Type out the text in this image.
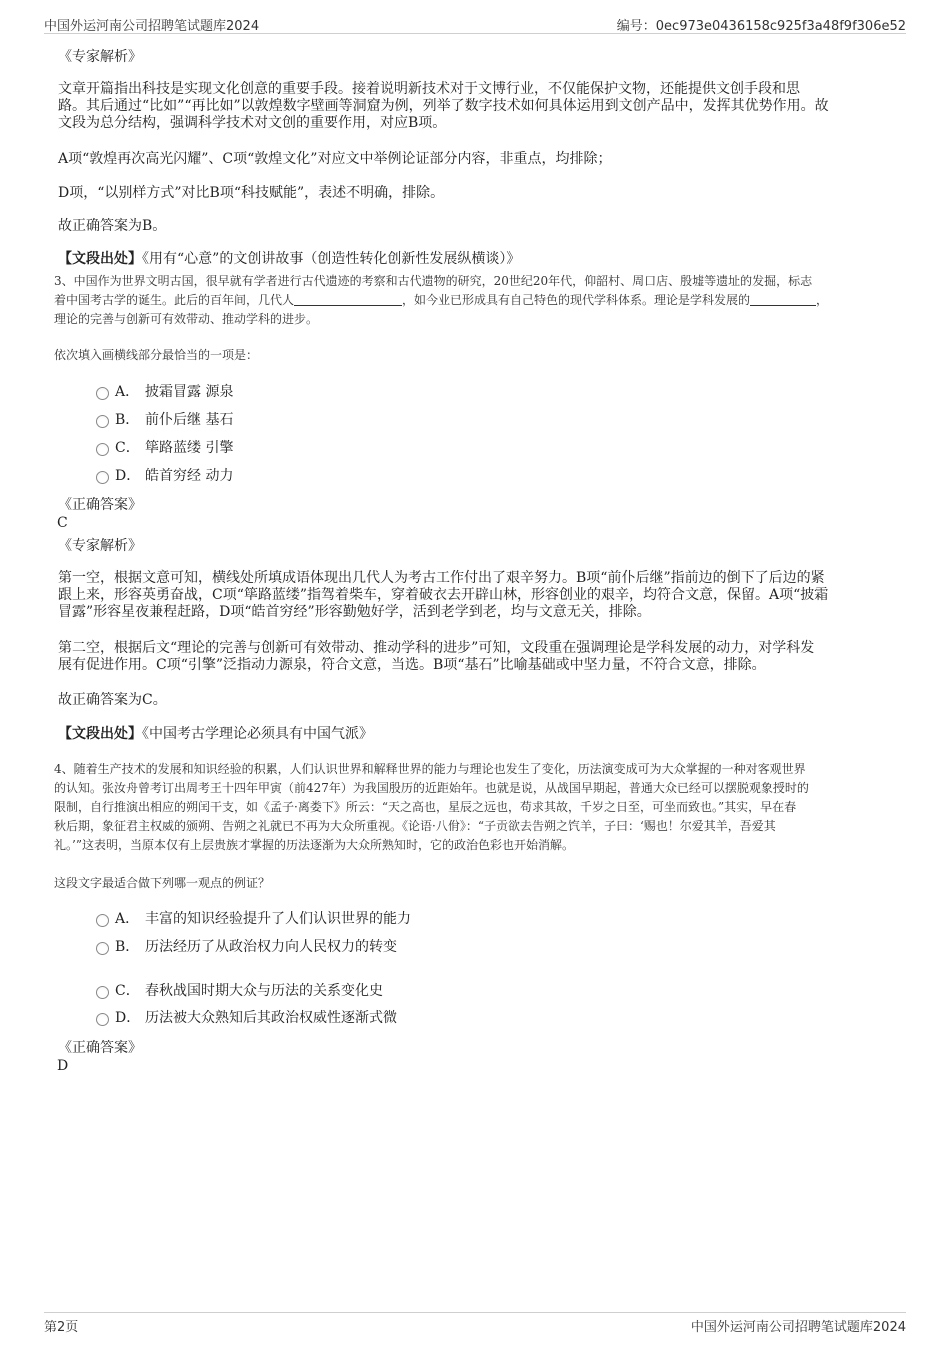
中国外运河南公司招聘笔试题库2024	编号：0ec973e0436158c925f3a48f9f306e52
《专家解析》
文章开篇指出科技是实现文化创意的重要手段。接着说明新技术对于文博行业，不仅能保护文物，还能提供文创手段和思
路。其后通过“比如”“再比如”以敦煌数字壁画等洞窟为例，列举了数字技术如何具体运用到文创产品中，发挥其优势作用。故
文段为总分结构，强调科学技术对文创的重要作用，对应B项。
A项“敦煌再次高光闪耀”、C项“敦煌文化”对应文中举例论证部分内容，非重点，均排除；
D项，“以别样方式”对比B项“科技赋能”，表述不明确，排除。
故正确答案为B。
【文段出处】《用有“心意”的文创讲故事（创造性转化创新性发展纵横谈）》
3、中国作为世界文明古国，很早就有学者进行古代遗迹的考察和古代遗物的研究，20世纪20年代，仰韶村、周口店、殷墟等遗址的发掘，标志
着中国考古学的诞生。此后的百年间，几代人	，如今业已形成具有自己特色的现代学科体系。理论是学科发展的	，
理论的完善与创新可有效带动、推动学科的进步。
依次填入画横线部分最恰当的一项是：
A． 披霜冒露 源泉
B． 前仆后继 基石
C． 筚路蓝缕 引擎
D． 皓首穷经 动力
《正确答案》
C
《专家解析》
第一空，根据文意可知，横线处所填成语体现出几代人为考古工作付出了艰辛努力。B项“前仆后继”指前边的倒下了后边的紧
跟上来，形容英勇奋战，C项“筚路蓝缕”指驾着柴车，穿着破衣去开辟山林，形容创业的艰辛，均符合文意，保留。A项“披霜
冒露”形容星夜兼程赶路，D项“皓首穷经”形容勤勉好学，活到老学到老，均与文意无关，排除。
第二空，根据后文“理论的完善与创新可有效带动、推动学科的进步”可知，文段重在强调理论是学科发展的动力，对学科发
展有促进作用。C项“引擎”泛指动力源泉，符合文意，当选。B项“基石”比喻基础或中坚力量，不符合文意，排除。
故正确答案为C。
【文段出处】《中国考古学理论必须具有中国气派》
4、随着生产技术的发展和知识经验的积累，人们认识世界和解释世界的能力与理论也发生了变化，历法演变成可为大众掌握的一种对客观世界
的认知。张汝舟曾考订出周考王十四年甲寅（前427年）为我国殷历的近距始年。也就是说，从战国早期起，普通大众已经可以摆脱观象授时的
限制，自行推演出相应的朔闰干支，如《孟子·离娄下》所云：“天之高也，星辰之远也，苟求其故，千岁之日至，可坐而致也。”其实，早在春
秋后期，象征君主权威的颁朔、告朔之礼就已不再为大众所重视。《论语·八佾》：“子贡欲去告朔之饩羊，子曰：‘赐也！尔爱其羊，吾爱其
礼。’”这表明，当原本仅有上层贵族才掌握的历法逐渐为大众所熟知时，它的政治色彩也开始消解。
这段文字最适合做下列哪一观点的例证？
A． 丰富的知识经验提升了人们认识世界的能力
B． 历法经历了从政治权力向人民权力的转变
C． 春秋战国时期大众与历法的关系变化史
D． 历法被大众熟知后其政治权威性逐渐式微
《正确答案》
D
第2页	中国外运河南公司招聘笔试题库2024
